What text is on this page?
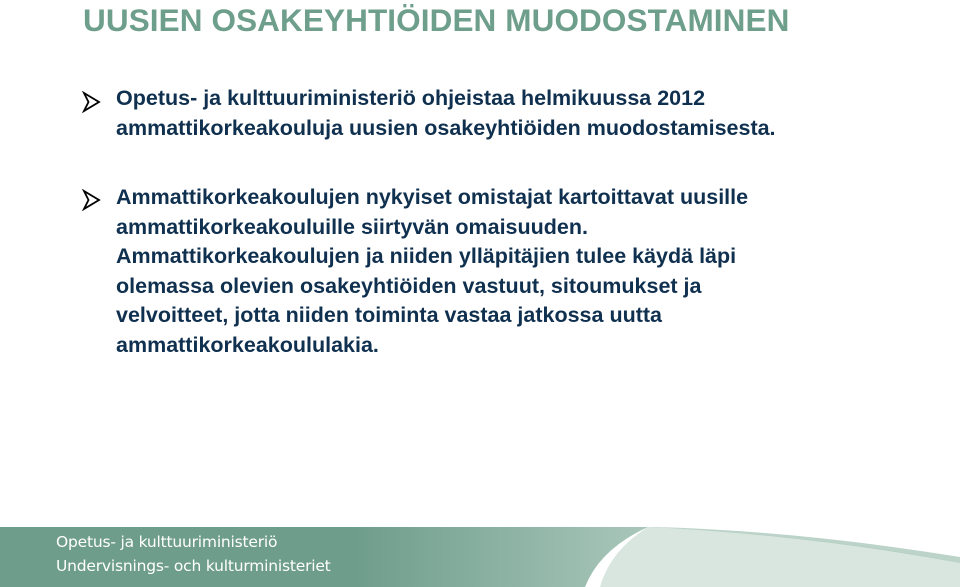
UUSIEN OSAKEYHTIÖIDEN MUODOSTAMINEN

Opetus- ja kulttuuriministeriö ohjeistaa helmikuussa 2012
ammattikorkeakouluja uusien osakeyhtiöiden muodostamisesta.

Ammattikorkeakoulujen nykyiset omistajat kartoittavat uusille
ammattikorkeakouluille siirtyvän omaisuuden.
Ammattikorkeakoulujen ja niiden ylläpitäjien tulee käydä läpi
olemassa olevien osakeyhtiöiden vastuut, sitoumukset ja
velvoitteet, jotta niiden toiminta vastaa jatkossa uutta
ammattikorkeakoululakia.

Opetus- ja kulttuuriministeriö
Undervisnings- och kulturministeriet
